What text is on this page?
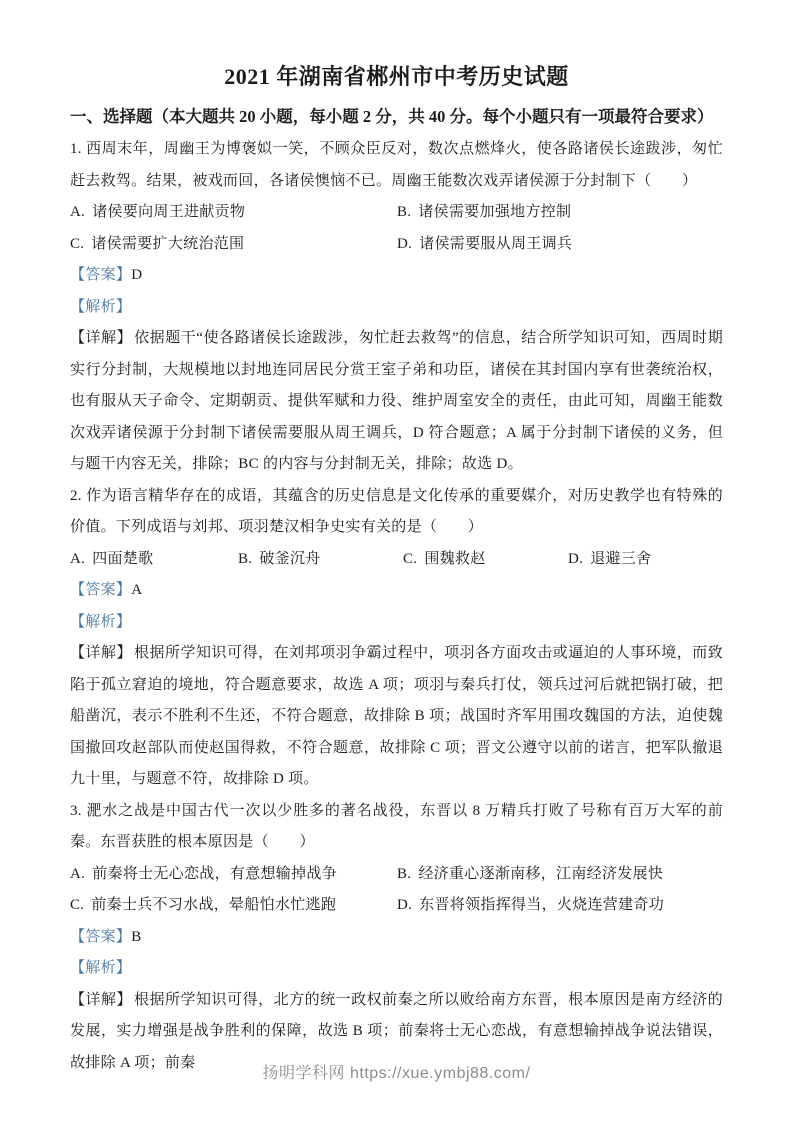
2021 年湖南省郴州市中考历史试题
一、选择题（本大题共 20 小题，每小题 2 分，共 40 分。每个小题只有一项最符合要求）

1. 西周末年，周幽王为博褒姒一笑，不顾众臣反对，数次点燃烽火，使各路诸侯长途跋涉，匆忙赶去救驾。结果，被戏而回，各诸侯懊恼不已。周幽王能数次戏弄诸侯源于分封制下（　　）

A. 诸侯要向周王进献贡物	B. 诸侯需要加强地方控制

C. 诸侯需要扩大统治范围	D. 诸侯需要服从周王调兵

【答案】D

【解析】

【详解】 依据题干“使各路诸侯长途跋涉，匆忙赶去救驾”的信息，结合所学知识可知，西周时期实行分封制，大规模地以封地连同居民分赏王室子弟和功臣，诸侯在其封国内享有世袭统治权，也有服从天子命令、定期朝贡、提供军赋和力役、维护周室安全的责任，由此可知，周幽王能数次戏弄诸侯源于分封制下诸侯需要服从周王调兵，D 符合题意；A 属于分封制下诸侯的义务，但与题干内容无关，排除；BC 的内容与分封制无关，排除；故选 D。

2. 作为语言精华存在的成语，其蕴含的历史信息是文化传承的重要媒介，对历史教学也有特殊的价值。下列成语与刘邦、项羽楚汉相争史实有关的是（　　）

A. 四面楚歌	B. 破釜沉舟	C. 围魏救赵	D. 退避三舍

【答案】A

【解析】

【详解】 根据所学知识可得，在刘邦项羽争霸过程中，项羽各方面攻击或逼迫的人事环境，而致陷于孤立窘迫的境地，符合题意要求，故选 A 项；项羽与秦兵打仗，领兵过河后就把锅打破，把船凿沉，表示不胜利不生还，不符合题意，故排除 B 项；战国时齐军用围攻魏国的方法，迫使魏国撤回攻赵部队而使赵国得救，不符合题意，故排除 C 项；晋文公遵守以前的诺言，把军队撤退九十里，与题意不符，故排除 D 项。

3. 淝水之战是中国古代一次以少胜多的著名战役，东晋以 8 万精兵打败了号称有百万大军的前秦。东晋获胜的根本原因是（　　）

A. 前秦将士无心恋战，有意想输掉战争	B. 经济重心逐渐南移，江南经济发展快

C. 前秦士兵不习水战，晕船怕水忙逃跑	D. 东晋将领指挥得当，火烧连营建奇功

【答案】B

【解析】

【详解】 根据所学知识可得，北方的统一政权前秦之所以败给南方东晋，根本原因是南方经济的发展，实力增强是战争胜利的保障，故选 B 项；前秦将士无心恋战，有意想输掉战争说法错误，故排除 A 项；前秦

扬明学科网 https://xue.ymbj88.com/
